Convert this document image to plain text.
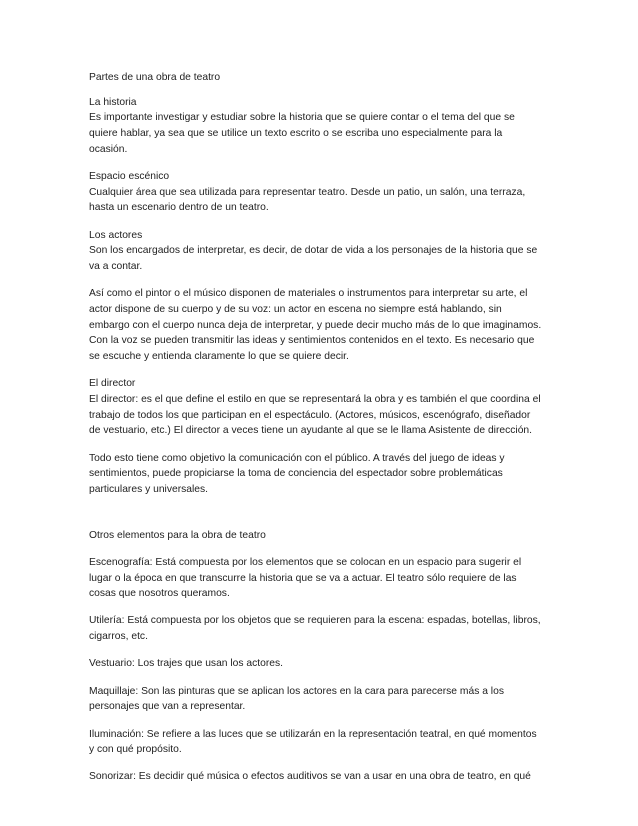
Partes de una obra de teatro

La historia
Es importante investigar y estudiar sobre la historia que se quiere contar o el tema del que se
quiere hablar, ya sea que se utilice un texto escrito o se escriba uno especialmente para la
ocasión.

Espacio escénico
Cualquier área que sea utilizada para representar teatro. Desde un patio, un salón, una terraza,
hasta un escenario dentro de un teatro.

Los actores
Son los encargados de interpretar, es decir, de dotar de vida a los personajes de la historia que se
va a contar.

Así como el pintor o el músico disponen de materiales o instrumentos para interpretar su arte, el
actor dispone de su cuerpo y de su voz: un actor en escena no siempre está hablando, sin
embargo con el cuerpo nunca deja de interpretar, y puede decir mucho más de lo que imaginamos.
Con la voz se pueden transmitir las ideas y sentimientos contenidos en el texto. Es necesario que
se escuche y entienda claramente lo que se quiere decir.

El director
El director: es el que define el estilo en que se representará la obra y es también el que coordina el
trabajo de todos los que participan en el espectáculo. (Actores, músicos, escenógrafo, diseñador
de vestuario, etc.) El director a veces tiene un ayudante al que se le llama Asistente de dirección.

Todo esto tiene como objetivo la comunicación con el público. A través del juego de ideas y
sentimientos, puede propiciarse la toma de conciencia del espectador sobre problemáticas
particulares y universales.

Otros elementos para la obra de teatro

Escenografía: Está compuesta por los elementos que se colocan en un espacio para sugerir el
lugar o la época en que transcurre la historia que se va a actuar. El teatro sólo requiere de las
cosas que nosotros queramos.

Utilería: Está compuesta por los objetos que se requieren para la escena: espadas, botellas, libros,
cigarros, etc.

Vestuario: Los trajes que usan los actores.

Maquillaje: Son las pinturas que se aplican los actores en la cara para parecerse más a los
personajes que van a representar.

Iluminación: Se refiere a las luces que se utilizarán en la representación teatral, en qué momentos
y con qué propósito.

Sonorizar: Es decidir qué música o efectos auditivos se van a usar en una obra de teatro, en qué
